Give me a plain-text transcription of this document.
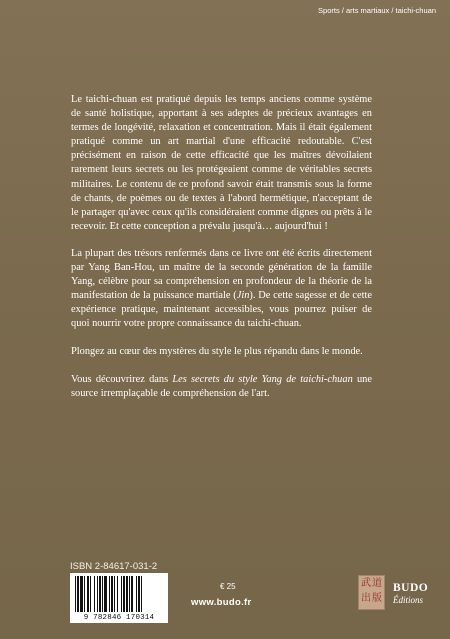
Sports / arts martiaux / taichi-chuan

Le taichi-chuan est pratiqué depuis les temps anciens comme système de santé holistique, apportant à ses adeptes de précieux avantages en termes de longévité, relaxation et concentration. Mais il était également pratiqué comme un art martial d'une efficacité redoutable. C'est précisément en raison de cette efficacité que les maîtres dévoilaient rarement leurs secrets ou les protégeaient comme de véritables secrets militaires. Le contenu de ce profond savoir était transmis sous la forme de chants, de poèmes ou de textes à l'abord hermétique, n'acceptant de le partager qu'avec ceux qu'ils considéraient comme dignes ou prêts à le recevoir. Et cette conception a prévalu jusqu'à… aujourd'hui !

La plupart des trésors renfermés dans ce livre ont été écrits directement par Yang Ban-Hou, un maître de la seconde génération de la famille Yang, célèbre pour sa compréhension en profondeur de la théorie de la manifestation de la puissance martiale (Jin). De cette sagesse et de cette expérience pratique, maintenant accessibles, vous pourrez puiser de quoi nourrir votre propre connaissance du taichi-chuan.

Plongez au cœur des mystères du style le plus répandu dans le monde.

Vous découvrirez dans Les secrets du style Yang de taichi-chuan une source irremplaçable de compréhension de l'art.

ISBN 2-84617-031-2
9 782846 170314
€ 25
www.budo.fr
武 道
出 版
BUDO
Éditions
